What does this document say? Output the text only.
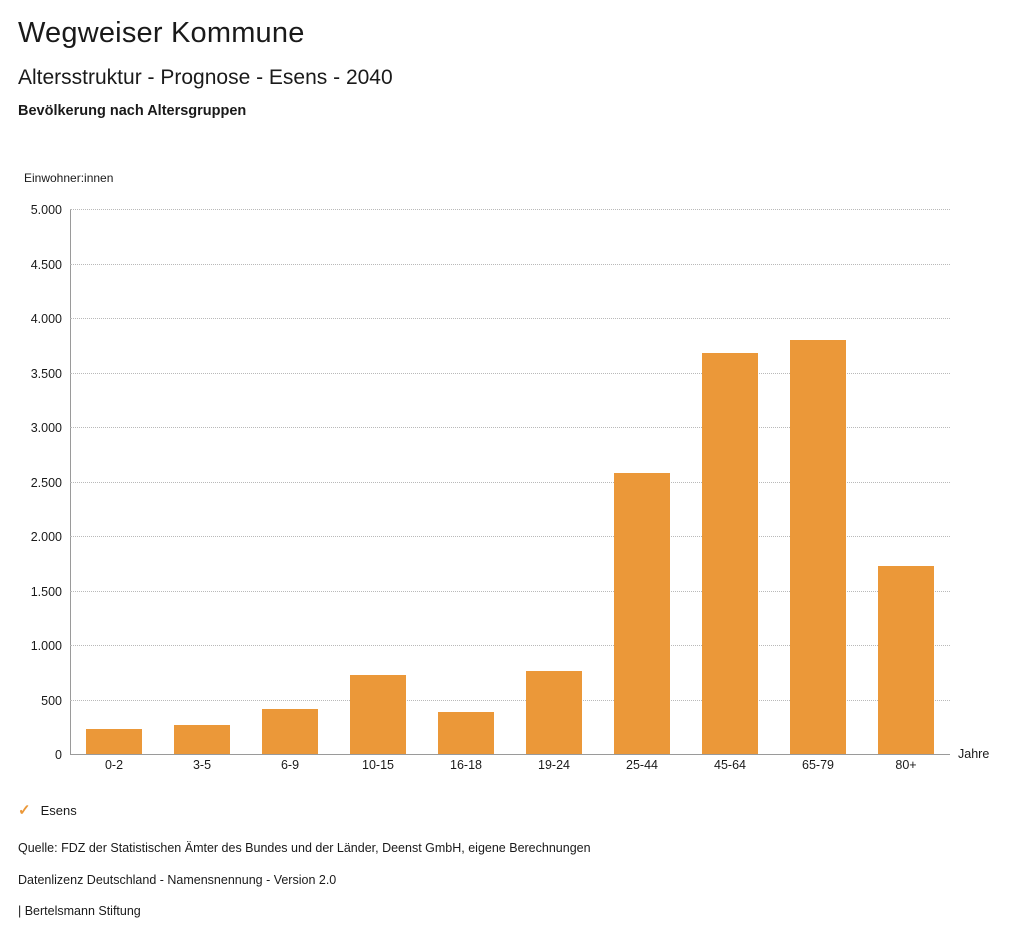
Wegweiser Kommune
Altersstruktur - Prognose - Esens - 2040
Bevölkerung nach Altersgruppen
Einwohner:innen
0
500
1.000
1.500
2.000
2.500
3.000
3.500
4.000
4.500
5.000
0-2	3-5	6-9	10-15	16-18	19-24	25-44	45-64	65-79	80+
Jahre
✓ Esens
Quelle: FDZ der Statistischen Ämter des Bundes und der Länder, Deenst GmbH, eigene Berechnungen
Datenlizenz Deutschland - Namensnennung - Version 2.0
| Bertelsmann Stiftung
